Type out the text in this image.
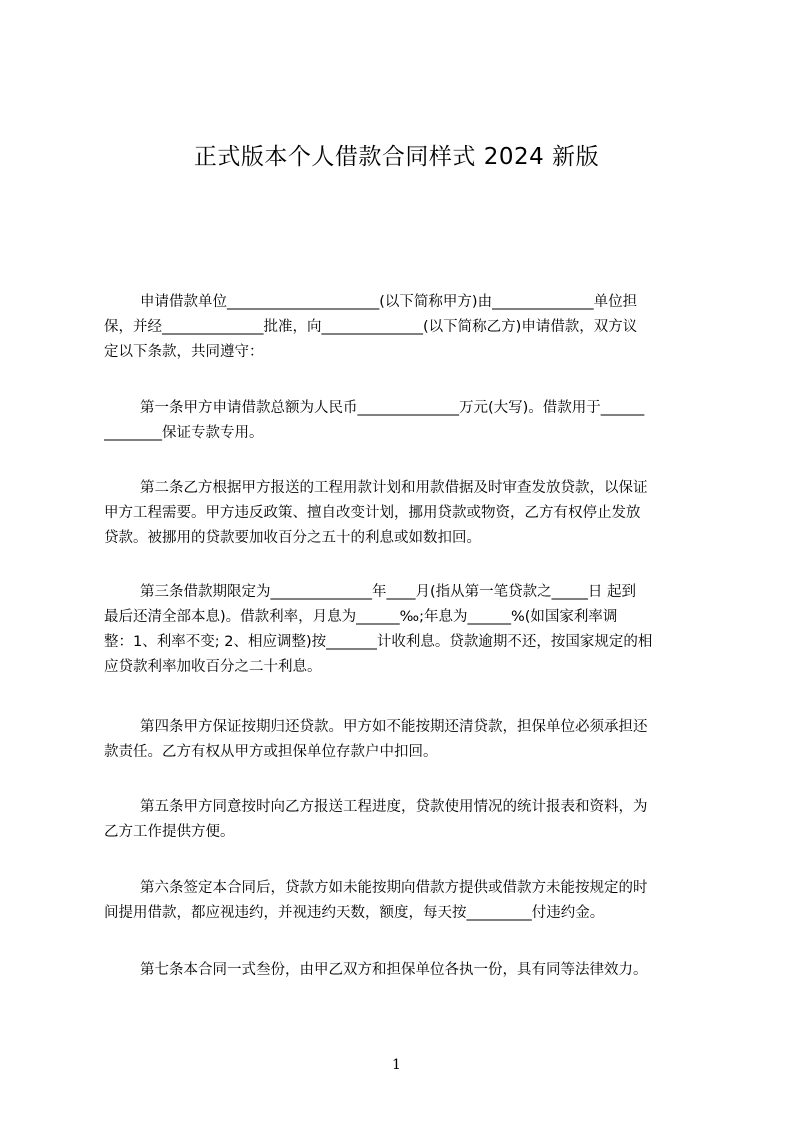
正式版本个人借款合同样式 2024 新版
申请借款单位_____________________(以下简称甲方)由______________单位担
保，并经______________批准，向______________(以下简称乙方)申请借款，双方议
定以下条款，共同遵守：
第一条甲方申请借款总额为人民币______________万元(大写)。借款用于______
________保证专款专用。
第二条乙方根据甲方报送的工程用款计划和用款借据及时审查发放贷款，以保证
甲方工程需要。甲方违反政策、擅自改变计划，挪用贷款或物资，乙方有权停止发放
贷款。被挪用的贷款要加收百分之五十的利息或如数扣回。
第三条借款期限定为______________年____月(指从第一笔贷款之_____日 起到
最后还清全部本息)。借款利率，月息为______‰;年息为______%(如国家利率调
整：1、利率不变; 2、相应调整)按_______计收利息。贷款逾期不还，按国家规定的相
应贷款利率加收百分之二十利息。
第四条甲方保证按期归还贷款。甲方如不能按期还清贷款，担保单位必须承担还
款责任。乙方有权从甲方或担保单位存款户中扣回。
第五条甲方同意按时向乙方报送工程进度，贷款使用情况的统计报表和资料，为
乙方工作提供方便。
第六条签定本合同后，贷款方如未能按期向借款方提供或借款方未能按规定的时
间提用借款，都应视违约，并视违约天数，额度，每天按_________付违约金。
第七条本合同一式叁份，由甲乙双方和担保单位各执一份，具有同等法律效力。
1
